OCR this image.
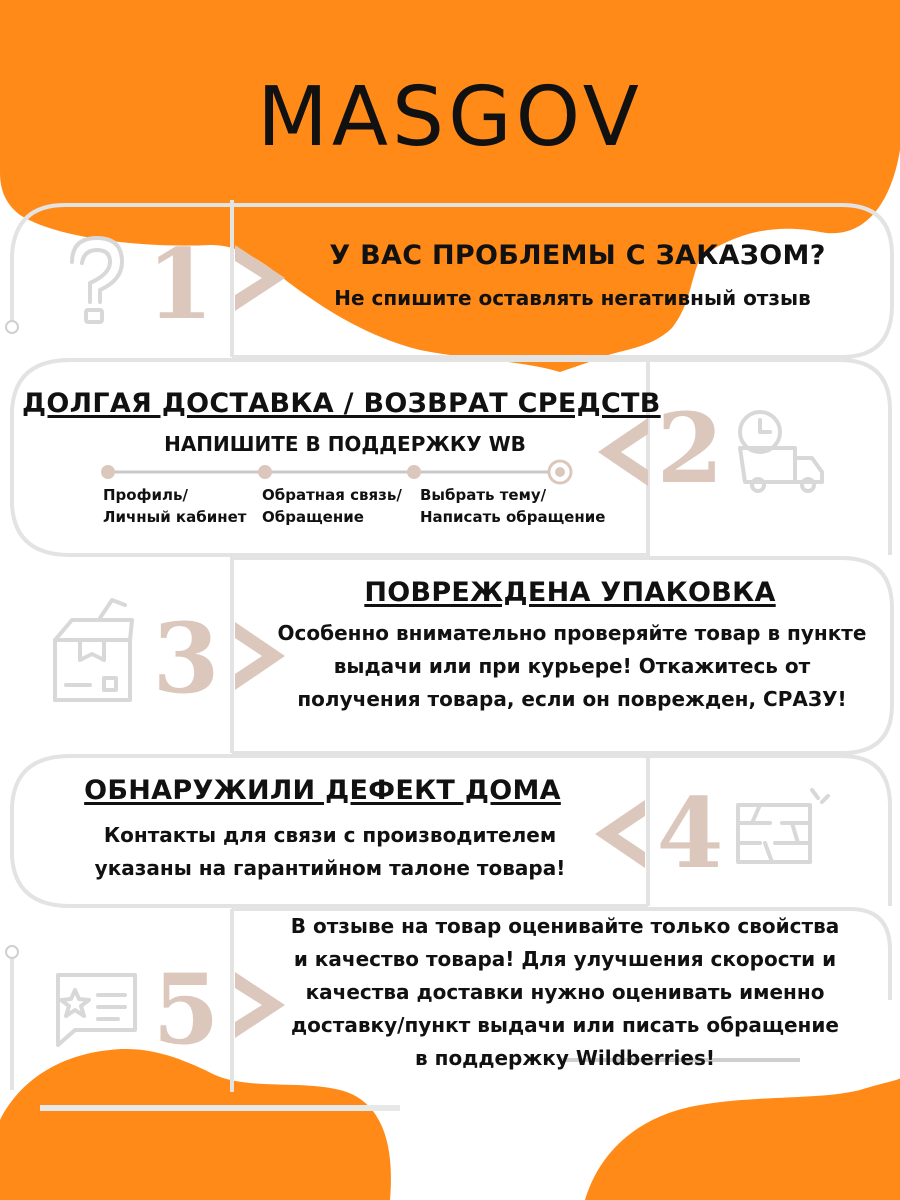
1
2
3
4
5
MASGOV
У ВАС ПРОБЛЕМЫ С ЗАКАЗОМ?
Не спишите оставлять негативный отзыв
ДОЛГАЯ ДОСТАВКА / ВОЗВРАТ СРЕДСТВ
НАПИШИТЕ В ПОДДЕРЖКУ WB
Профиль/
Личный кабинет
Обратная связь/
Обращение
Выбрать тему/
Написать обращение
ПОВРЕЖДЕНА УПАКОВКА
Особенно внимательно проверяйте товар в пункте
выдачи или при курьере! Откажитесь от
получения товара, если он поврежден, СРАЗУ!
ОБНАРУЖИЛИ ДЕФЕКТ ДОМА
Контакты для связи с производителем
указаны на гарантийном талоне товара!
В отзыве на товар оценивайте только свойства
и качество товара! Для улучшения скорости и
качества доставки нужно оценивать именно
доставку/пункт выдачи или писать обращение
в поддержку Wildberries!
